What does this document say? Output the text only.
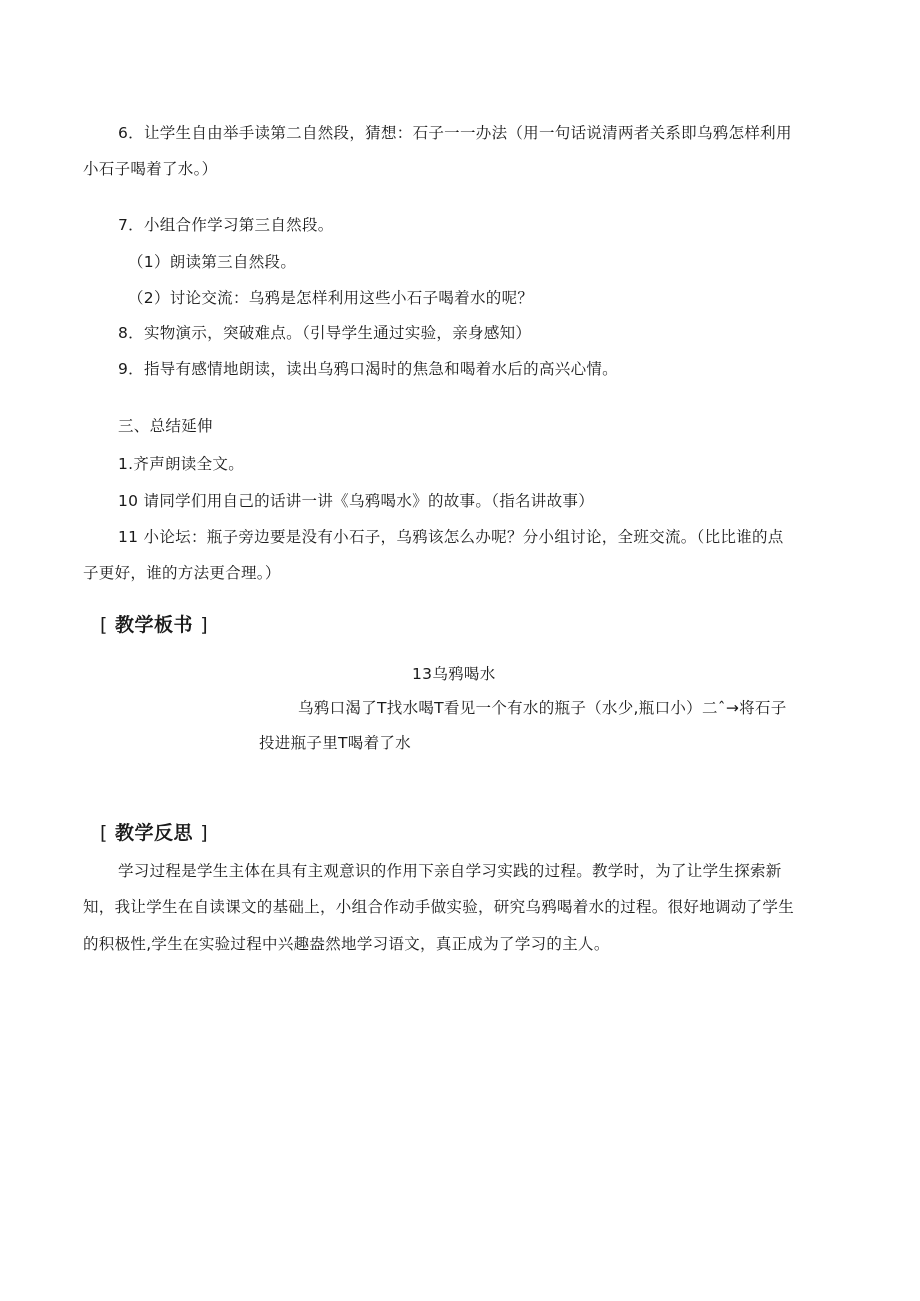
6．让学生自由举手读第二自然段，猜想：石子一一办法（用一句话说清两者关系即乌鸦怎样利用
小石子喝着了水。）
7．小组合作学习第三自然段。
（1）朗读第三自然段。
（2）讨论交流：乌鸦是怎样利用这些小石子喝着水的呢？
8．实物演示，突破难点。（引导学生通过实验，亲身感知）
9．指导有感情地朗读，读出乌鸦口渴时的焦急和喝着水后的高兴心情。
三、总结延伸
1.齐声朗读全文。
10 请同学们用自己的话讲一讲《乌鸦喝水》的故事。（指名讲故事）
11 小论坛：瓶子旁边要是没有小石子，乌鸦该怎么办呢？分小组讨论，全班交流。（比比谁的点
子更好，谁的方法更合理。）
[ 教学板书 ]
13乌鸦喝水
乌鸦口渴了T找水喝T看见一个有水的瓶子（水少,瓶口小）二ˆ→将石子
投进瓶子里T喝着了水
[ 教学反思 ]
学习过程是学生主体在具有主观意识的作用下亲自学习实践的过程。教学时，为了让学生探索新
知，我让学生在自读课文的基础上，小组合作动手做实验，研究乌鸦喝着水的过程。很好地调动了学生
的积极性,学生在实验过程中兴趣盎然地学习语文，真正成为了学习的主人。
